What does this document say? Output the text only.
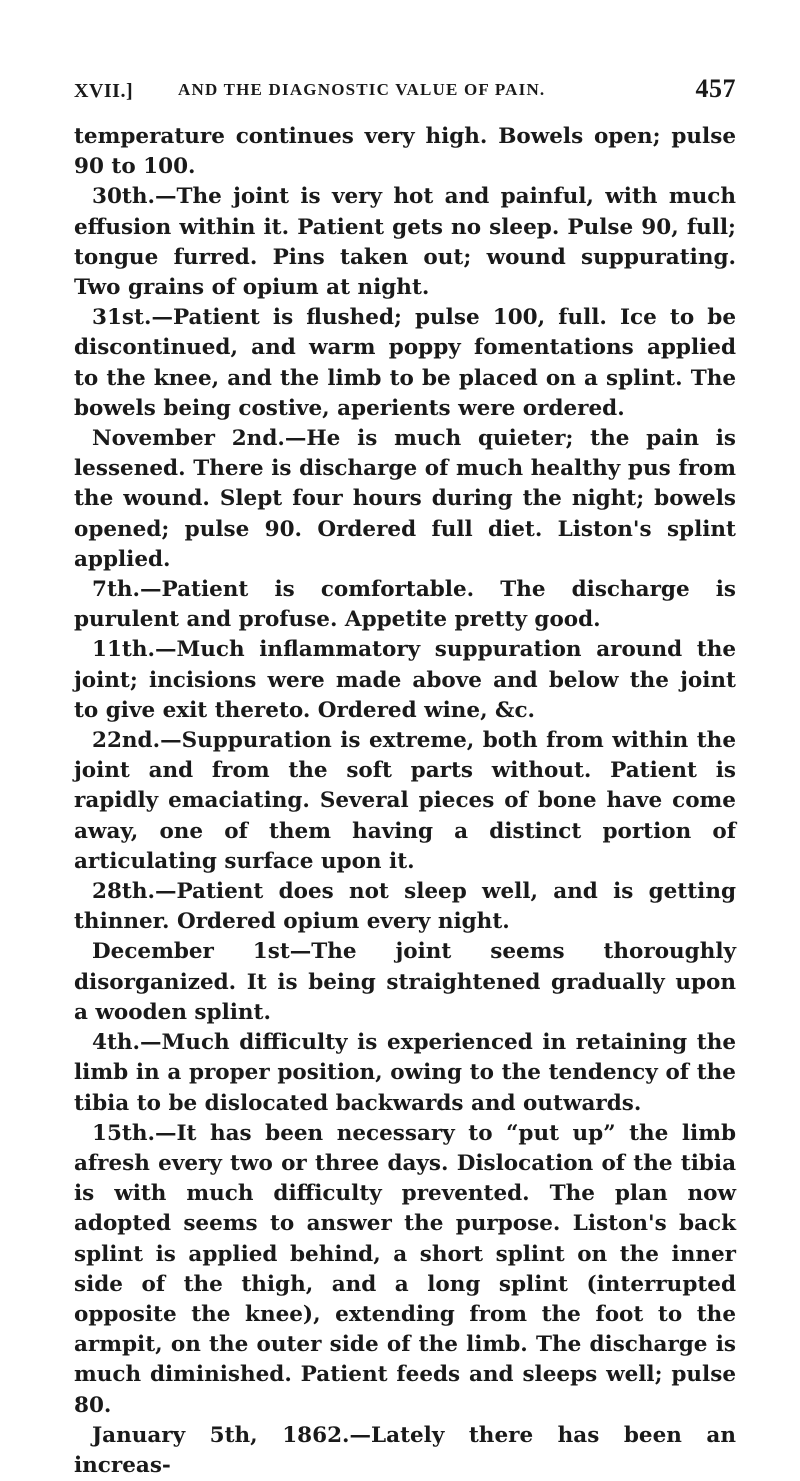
XVII.]	AND THE DIAGNOSTIC VALUE OF PAIN.	457

temperature continues very high. Bowels open; pulse 90 to 100.

30th.—The joint is very hot and painful, with much effusion within it. Patient gets no sleep. Pulse 90, full; tongue furred. Pins taken out; wound suppurating. Two grains of opium at night.

31st.—Patient is flushed; pulse 100, full. Ice to be discontinued, and warm poppy fomentations applied to the knee, and the limb to be placed on a splint. The bowels being costive, aperients were ordered.

November 2nd.—He is much quieter; the pain is lessened. There is discharge of much healthy pus from the wound. Slept four hours during the night; bowels opened; pulse 90. Ordered full diet. Liston's splint applied.

7th.—Patient is comfortable. The discharge is purulent and profuse. Appetite pretty good.

11th.—Much inflammatory suppuration around the joint; incisions were made above and below the joint to give exit thereto. Ordered wine, &c.

22nd.—Suppuration is extreme, both from within the joint and from the soft parts without. Patient is rapidly emaciating. Several pieces of bone have come away, one of them having a distinct portion of articulating surface upon it.

28th.—Patient does not sleep well, and is getting thinner. Ordered opium every night.

December 1st—The joint seems thoroughly disorganized. It is being straightened gradually upon a wooden splint.

4th.—Much difficulty is experienced in retaining the limb in a proper position, owing to the tendency of the tibia to be dislocated backwards and outwards.

15th.—It has been necessary to “put up” the limb afresh every two or three days. Dislocation of the tibia is with much difficulty prevented. The plan now adopted seems to answer the purpose. Liston's back splint is applied behind, a short splint on the inner side of the thigh, and a long splint (interrupted opposite the knee), extending from the foot to the armpit, on the outer side of the limb. The discharge is much diminished. Patient feeds and sleeps well; pulse 80.

January 5th, 1862.—Lately there has been an increas-
